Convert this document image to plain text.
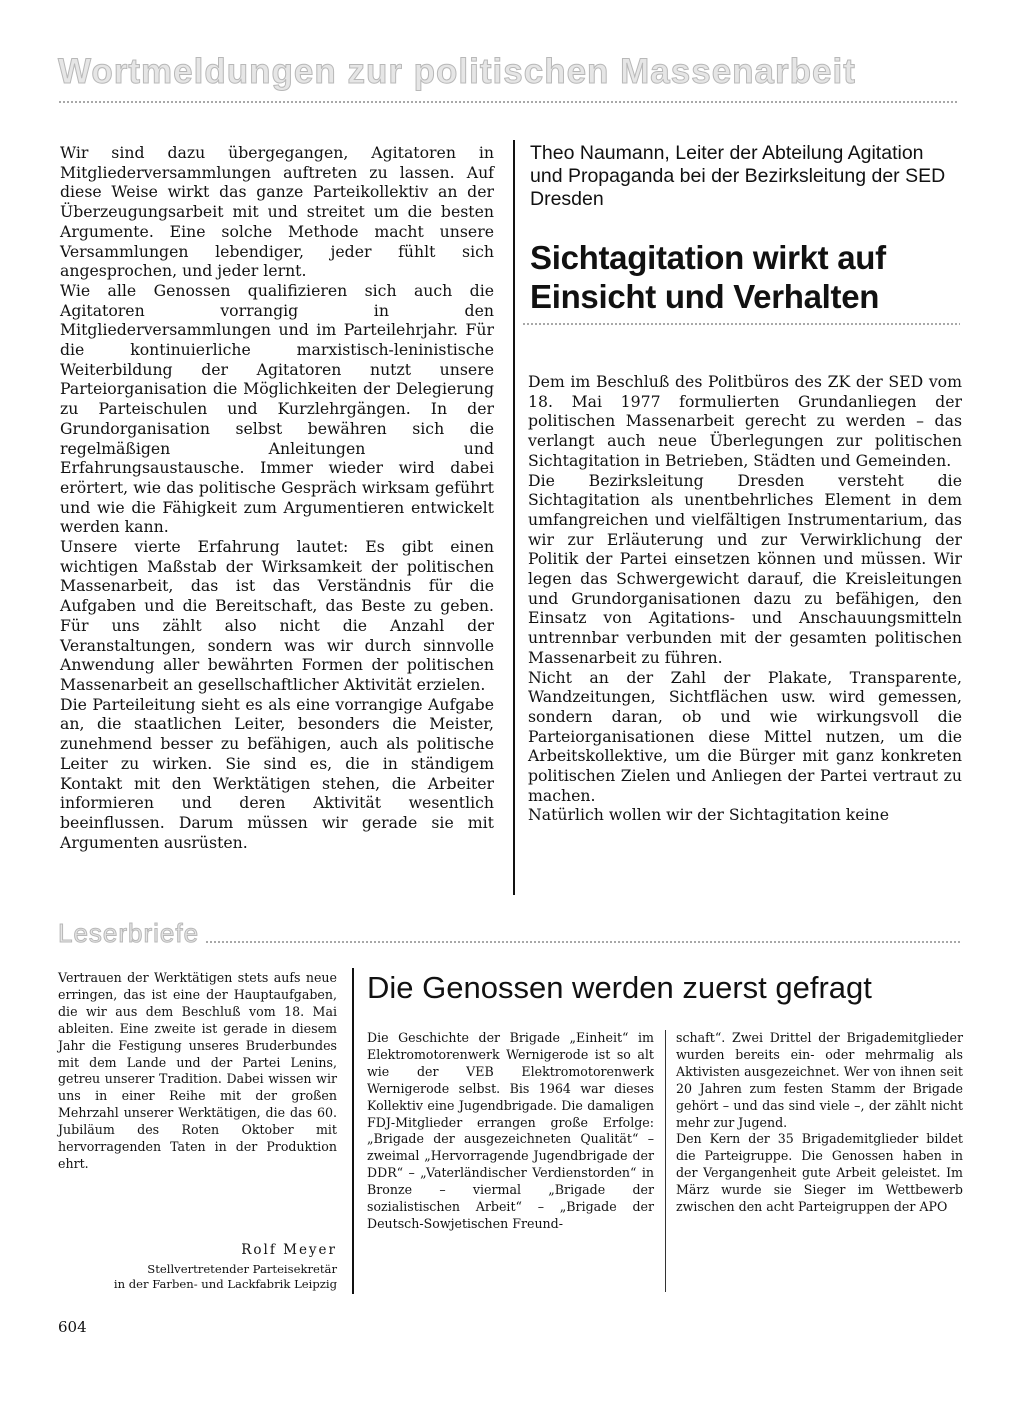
Wortmeldungen zur politischen Massenarbeit

Wir sind dazu übergegangen, Agitatoren in Mitgliederversammlungen auftreten zu lassen. Auf diese Weise wirkt das ganze Parteikollektiv an der Überzeugungsarbeit mit und streitet um die besten Argumente. Eine solche Methode macht unsere Versammlungen lebendiger, jeder fühlt sich angesprochen, und jeder lernt.

Wie alle Genossen qualifizieren sich auch die Agitatoren vorrangig in den Mitgliederversammlungen und im Parteilehrjahr. Für die kontinuierliche marxistisch-leninistische Weiterbildung der Agitatoren nutzt unsere Parteiorganisation die Möglichkeiten der Delegierung zu Parteischulen und Kurzlehrgängen. In der Grundorganisation selbst bewähren sich die regelmäßigen Anleitungen und Erfahrungsaustausche. Immer wieder wird dabei erörtert, wie das politische Gespräch wirksam geführt und wie die Fähigkeit zum Argumentieren entwickelt werden kann.

Unsere vierte Erfahrung lautet: Es gibt einen wichtigen Maßstab der Wirksamkeit der politischen Massenarbeit, das ist das Verständnis für die Aufgaben und die Bereitschaft, das Beste zu geben. Für uns zählt also nicht die Anzahl der Veranstaltungen, sondern was wir durch sinnvolle Anwendung aller bewährten Formen der politischen Massenarbeit an gesellschaftlicher Aktivität erzielen.

Die Parteileitung sieht es als eine vorrangige Aufgabe an, die staatlichen Leiter, besonders die Meister, zunehmend besser zu befähigen, auch als politische Leiter zu wirken. Sie sind es, die in ständigem Kontakt mit den Werktätigen stehen, die Arbeiter informieren und deren Aktivität wesentlich beeinflussen. Darum müssen wir gerade sie mit Argumenten ausrüsten.

Theo Naumann, Leiter der Abteilung Agitation und Propaganda bei der Bezirksleitung der SED Dresden
Sichtagitation wirkt auf Einsicht und Verhalten

Dem im Beschluß des Politbüros des ZK der SED vom 18. Mai 1977 formulierten Grundanliegen der politischen Massenarbeit gerecht zu werden – das verlangt auch neue Überlegungen zur politischen Sichtagitation in Betrieben, Städten und Gemeinden.

Die Bezirksleitung Dresden versteht die Sichtagitation als unentbehrliches Element in dem umfangreichen und vielfältigen Instrumentarium, das wir zur Erläuterung und zur Verwirklichung der Politik der Partei einsetzen können und müssen. Wir legen das Schwergewicht darauf, die Kreisleitungen und Grundorganisationen dazu zu befähigen, den Einsatz von Agitations- und Anschauungsmitteln untrennbar verbunden mit der gesamten politischen Massenarbeit zu führen.

Nicht an der Zahl der Plakate, Transparente, Wandzeitungen, Sichtflächen usw. wird gemessen, sondern daran, ob und wie wirkungsvoll die Parteiorganisationen diese Mittel nutzen, um die Arbeitskollektive, um die Bürger mit ganz konkreten politischen Zielen und Anliegen der Partei vertraut zu machen.

Natürlich wollen wir der Sichtagitation keine

Leserbriefe

Vertrauen der Werktätigen stets aufs neue erringen, das ist eine der Hauptaufgaben, die wir aus dem Beschluß vom 18. Mai ableiten. Eine zweite ist gerade in diesem Jahr die Festigung unseres Bruderbundes mit dem Lande und der Partei Lenins, getreu unserer Tradition. Dabei wissen wir uns in einer Reihe mit der großen Mehrzahl unserer Werktätigen, die das 60. Jubiläum des Roten Oktober mit hervorragenden Taten in der Produktion ehrt.

Rolf Meyer
Stellvertretender Parteisekretär
in der Farben- und Lackfabrik Leipzig
Die Genossen werden zuerst gefragt

Die Geschichte der Brigade „Einheit“ im Elektromotorenwerk Wernigerode ist so alt wie der VEB Elektromotorenwerk Wernigerode selbst. Bis 1964 war dieses Kollektiv eine Jugendbrigade. Die damaligen FDJ-Mitglieder errangen große Erfolge: „Brigade der ausgezeichneten Qualität“ – zweimal „Hervorragende Jugendbrigade der DDR“ – „Vaterländischer Verdienstorden“ in Bronze – viermal „Brigade der sozialistischen Arbeit“ – „Brigade der Deutsch-Sowjetischen Freund-

schaft“. Zwei Drittel der Brigademitglieder wurden bereits ein- oder mehrmalig als Aktivisten ausgezeichnet. Wer von ihnen seit 20 Jahren zum festen Stamm der Brigade gehört – und das sind viele –, der zählt nicht mehr zur Jugend.

Den Kern der 35 Brigademitglieder bildet die Parteigruppe. Die Genossen haben in der Vergangenheit gute Arbeit geleistet. Im März wurde sie Sieger im Wettbewerb zwischen den acht Parteigruppen der APO

604
